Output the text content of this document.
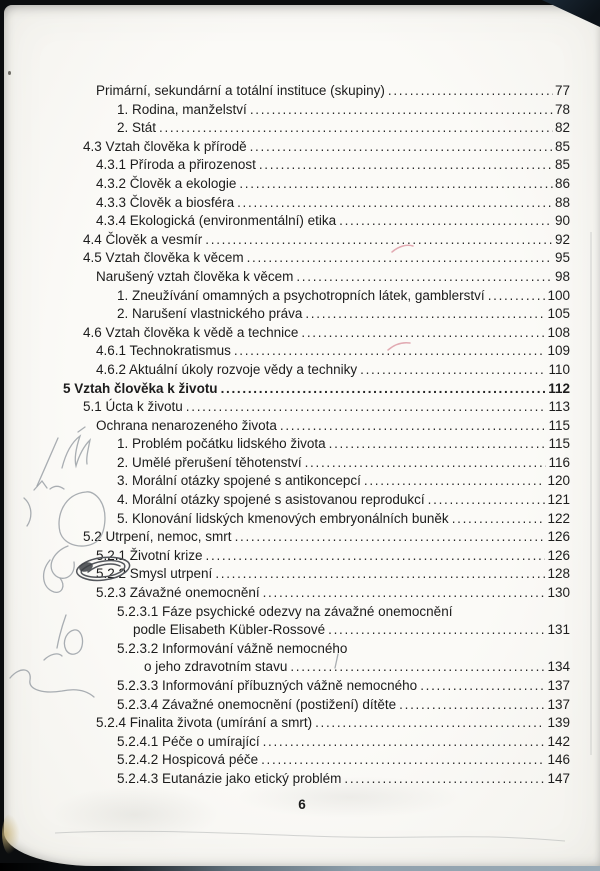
Primární, sekundární a totální instituce (skupiny) .....	77
1. Rodina, manželství .....	78
2. Stát .....	82
4.3 Vztah člověka k přírodě .....	85
4.3.1 Příroda a přirozenost .....	85
4.3.2 Člověk a ekologie .....	86
4.3.3 Člověk a biosféra .....	88
4.3.4 Ekologická (environmentální) etika .....	90
4.4 Člověk a vesmír .....	92
4.5 Vztah člověka k věcem .....	95
Narušený vztah člověka k věcem .....	98
1. Zneužívání omamných a psychotropních látek, gamblerství .....	100
2. Narušení vlastnického práva .....	105
4.6 Vztah člověka k vědě a technice .....	108
4.6.1 Technokratismus .....	109
4.6.2 Aktuální úkoly rozvoje vědy a techniky .....	110
5 Vztah člověka k životu .....	112
5.1 Úcta k životu .....	113
Ochrana nenarozeného života .....	115
1. Problém počátku lidského života .....	115
2. Umělé přerušení těhotenství .....	116
3. Morální otázky spojené s antikoncepcí .....	120
4. Morální otázky spojené s asistovanou reprodukcí .....	121
5. Klonování lidských kmenových embryonálních buněk .....	122
5.2 Utrpení, nemoc, smrt .....	126
5.2.1 Životní krize .....	126
5.2.2 Smysl utrpení .....	128
5.2.3 Závažné onemocnění .....	130
5.2.3.1 Fáze psychické odezvy na závažné onemocnění
podle Elisabeth Kübler-Rossové .....	131
5.2.3.2 Informování vážně nemocného
o jeho zdravotním stavu .....	134
5.2.3.3 Informování příbuzných vážně nemocného .....	137
5.2.3.4 Závažné onemocnění (postižení) dítěte .....	137
5.2.4 Finalita života (umírání a smrt) .....	139
5.2.4.1 Péče o umírající .....	142
5.2.4.2 Hospicová péče .....	146
5.2.4.3 Eutanázie jako etický problém .....	147
6
